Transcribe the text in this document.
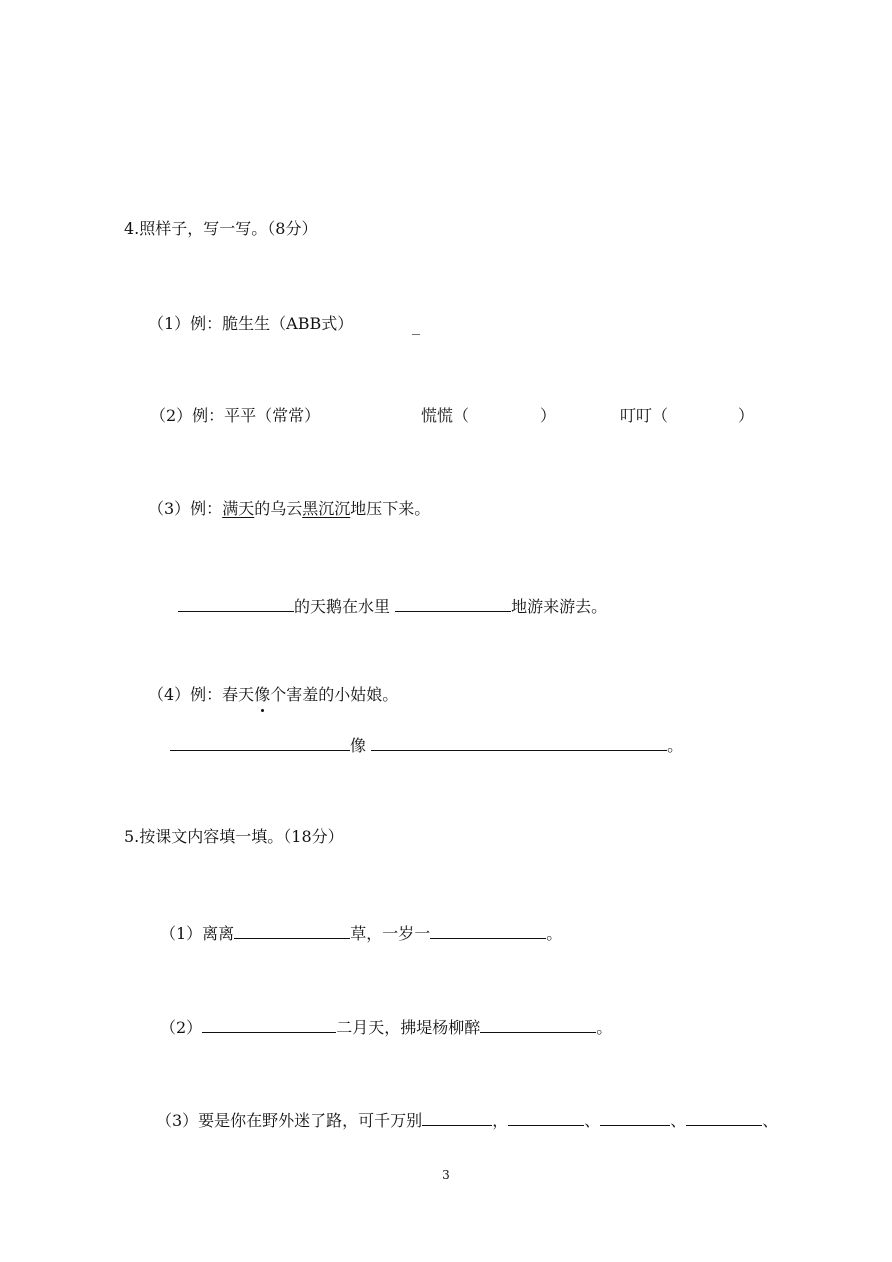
4.照样子，写一写。（8分）
（1）例：脆生生（ABB式）	_
（2）例：平平（常常）	慌慌（	）	叮叮（	）
（3）例：满天的乌云黑沉沉地压下来。
的天鹅在水里	地游来游去。
（4）例：春天像个害羞的小姑娘。
像	。
5.按课文内容填一填。（18分）
（1）离离	草，一岁一	。
（2）	二月天，拂堤杨柳醉	。
（3）要是你在野外迷了路，可千万别	，	、	、	、
3
